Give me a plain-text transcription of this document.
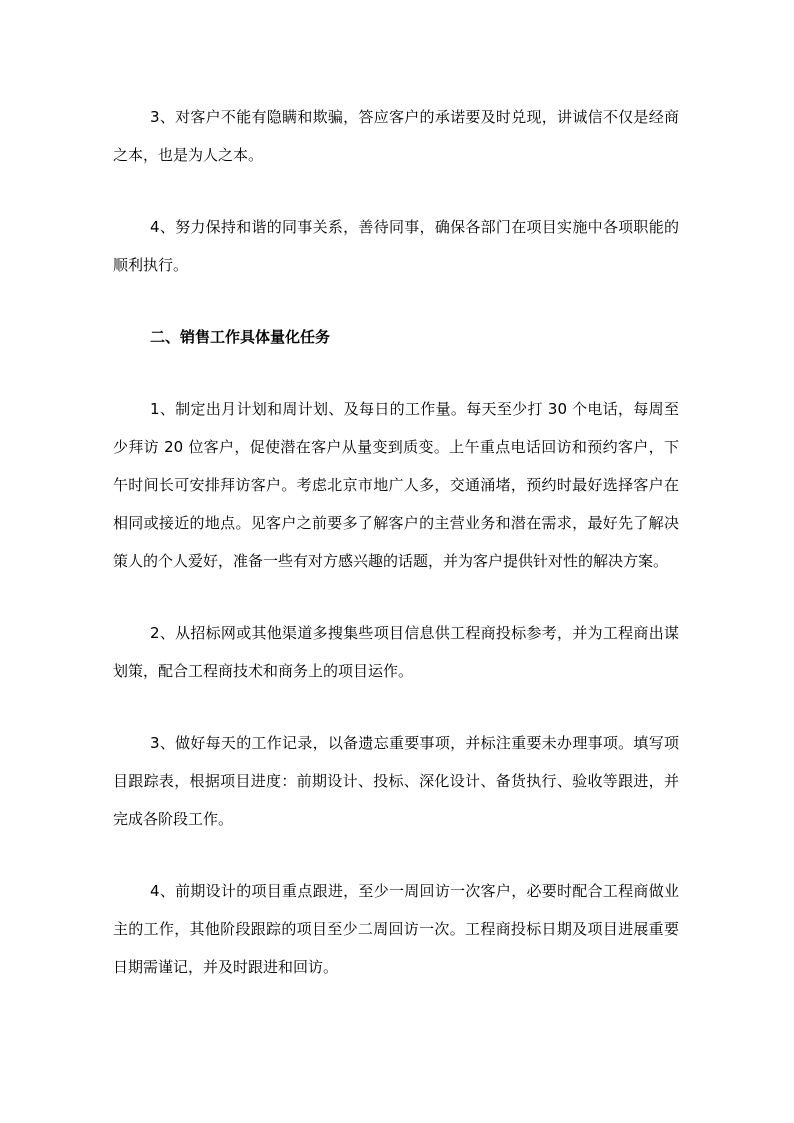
3、对客户不能有隐瞒和欺骗，答应客户的承诺要及时兑现，讲诚信不仅是经商之本，也是为人之本。

4、努力保持和谐的同事关系，善待同事，确保各部门在项目实施中各项职能的顺利执行。

二、销售工作具体量化任务

1、制定出月计划和周计划、及每日的工作量。每天至少打 30 个电话，每周至少拜访 20 位客户，促使潜在客户从量变到质变。上午重点电话回访和预约客户，下午时间长可安排拜访客户。考虑北京市地广人多，交通涌堵，预约时最好选择客户在相同或接近的地点。见客户之前要多了解客户的主营业务和潜在需求，最好先了解决策人的个人爱好，准备一些有对方感兴趣的话题，并为客户提供针对性的解决方案。

2、从招标网或其他渠道多搜集些项目信息供工程商投标参考，并为工程商出谋划策，配合工程商技术和商务上的项目运作。

3、做好每天的工作记录，以备遗忘重要事项，并标注重要未办理事项。填写项目跟踪表，根据项目进度：前期设计、投标、深化设计、备货执行、验收等跟进，并完成各阶段工作。

4、前期设计的项目重点跟进，至少一周回访一次客户，必要时配合工程商做业主的工作，其他阶段跟踪的项目至少二周回访一次。工程商投标日期及项目进展重要日期需谨记，并及时跟进和回访。
